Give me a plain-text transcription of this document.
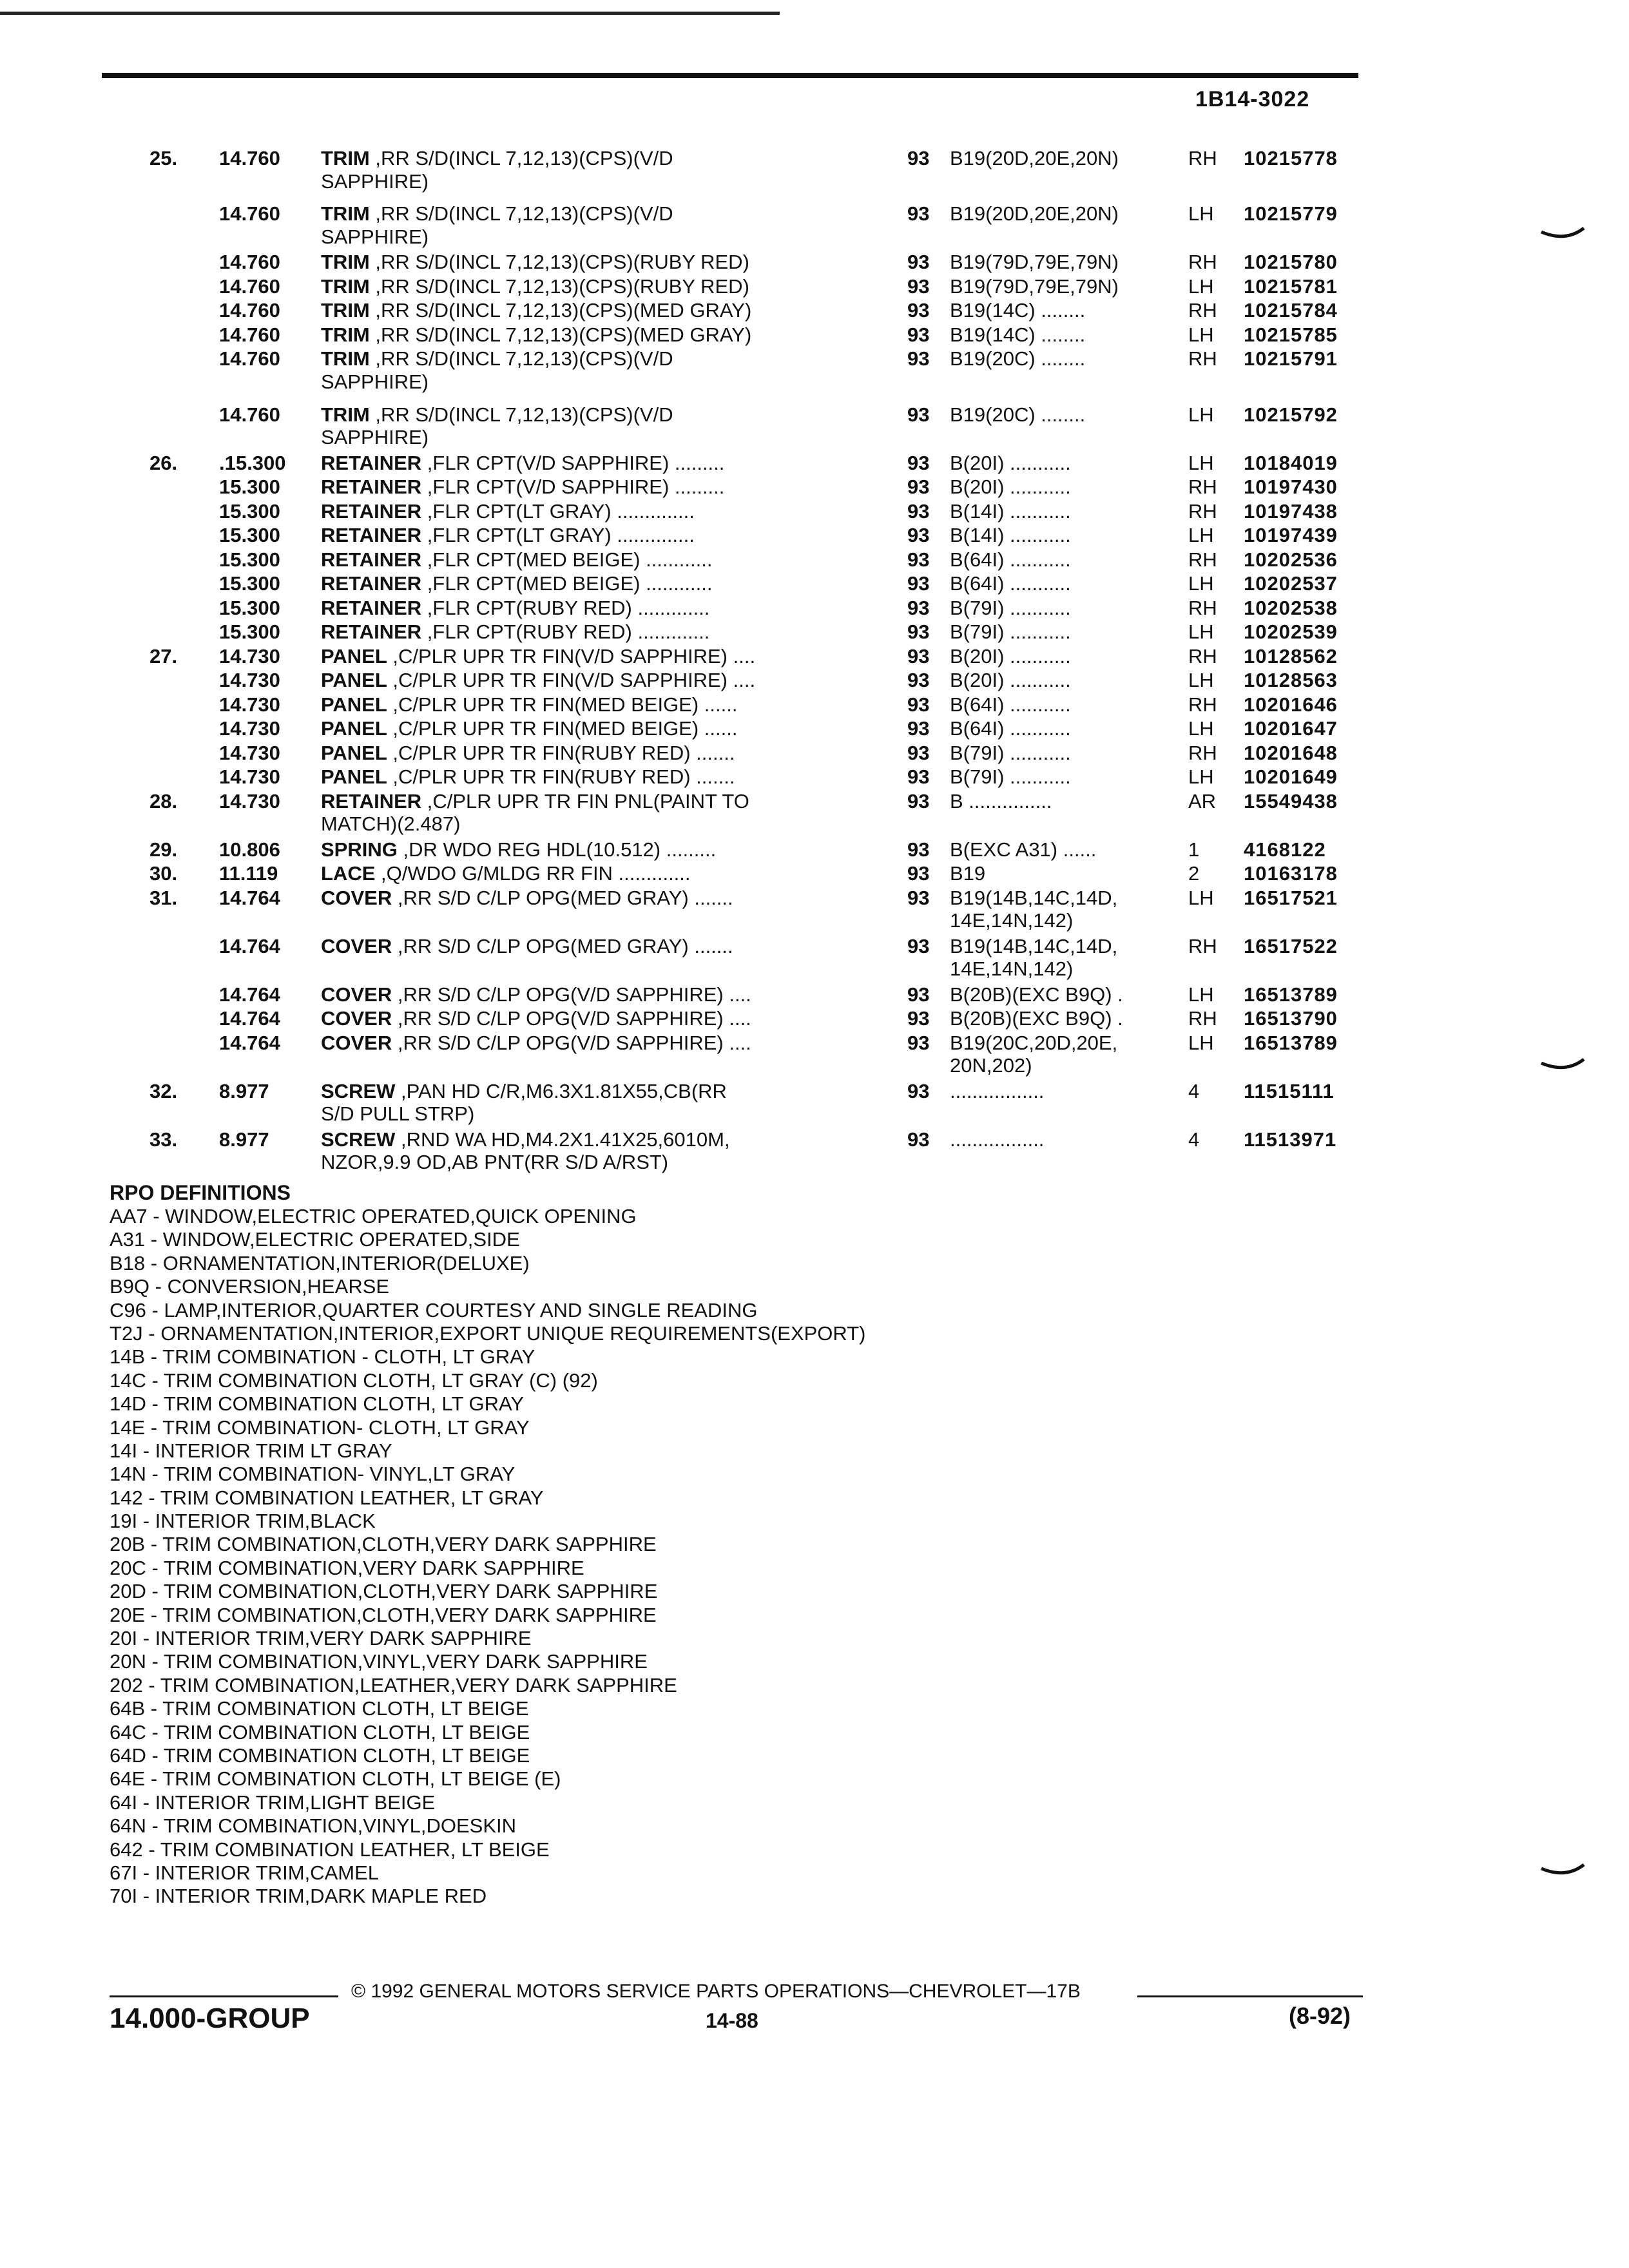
1B14-3022
25. 14.760 TRIM ,RR S/D(INCL 7,12,13)(CPS)(V/D	93 B19(20D,20E,20N)	RH 10215778
SAPPHIRE)
14.760 TRIM ,RR S/D(INCL 7,12,13)(CPS)(V/D	93 B19(20D,20E,20N)	LH 10215779
SAPPHIRE)
14.760 TRIM ,RR S/D(INCL 7,12,13)(CPS)(RUBY RED)	93 B19(79D,79E,79N)	RH 10215780
14.760 TRIM ,RR S/D(INCL 7,12,13)(CPS)(RUBY RED)	93 B19(79D,79E,79N)	LH 10215781
14.760 TRIM ,RR S/D(INCL 7,12,13)(CPS)(MED GRAY)	93 B19(14C) ........	RH 10215784
14.760 TRIM ,RR S/D(INCL 7,12,13)(CPS)(MED GRAY)	93 B19(14C) ........	LH 10215785
14.760 TRIM ,RR S/D(INCL 7,12,13)(CPS)(V/D	93 B19(20C) ........	RH 10215791
SAPPHIRE)
14.760 TRIM ,RR S/D(INCL 7,12,13)(CPS)(V/D	93 B19(20C) ........	LH 10215792
SAPPHIRE)
26. .15.300 RETAINER ,FLR CPT(V/D SAPPHIRE) .........	93 B(20I) ...........	LH 10184019
15.300 RETAINER ,FLR CPT(V/D SAPPHIRE) .........	93 B(20I) ...........	RH 10197430
15.300 RETAINER ,FLR CPT(LT GRAY) ..............	93 B(14I) ...........	RH 10197438
15.300 RETAINER ,FLR CPT(LT GRAY) ..............	93 B(14I) ...........	LH 10197439
15.300 RETAINER ,FLR CPT(MED BEIGE) ............	93 B(64I) ...........	RH 10202536
15.300 RETAINER ,FLR CPT(MED BEIGE) ............	93 B(64I) ...........	LH 10202537
15.300 RETAINER ,FLR CPT(RUBY RED) .............	93 B(79I) ...........	RH 10202538
15.300 RETAINER ,FLR CPT(RUBY RED) .............	93 B(79I) ...........	LH 10202539
27. 14.730 PANEL ,C/PLR UPR TR FIN(V/D SAPPHIRE) ....	93 B(20I) ...........	RH 10128562
14.730 PANEL ,C/PLR UPR TR FIN(V/D SAPPHIRE) ....	93 B(20I) ...........	LH 10128563
14.730 PANEL ,C/PLR UPR TR FIN(MED BEIGE) ......	93 B(64I) ...........	RH 10201646
14.730 PANEL ,C/PLR UPR TR FIN(MED BEIGE) ......	93 B(64I) ...........	LH 10201647
14.730 PANEL ,C/PLR UPR TR FIN(RUBY RED) .......	93 B(79I) ...........	RH 10201648
14.730 PANEL ,C/PLR UPR TR FIN(RUBY RED) .......	93 B(79I) ...........	LH 10201649
28. 14.730 RETAINER ,C/PLR UPR TR FIN PNL(PAINT TO	93 B ...............	AR 15549438
MATCH)(2.487)
29. 10.806 SPRING ,DR WDO REG HDL(10.512) .........	93 B(EXC A31) ......	1 4168122
30. 11.119 LACE ,Q/WDO G/MLDG RR FIN .............	93 B19	2 10163178
31. 14.764 COVER ,RR S/D C/LP OPG(MED GRAY) .......	93 B19(14B,14C,14D,	LH 16517521
14E,14N,142)
14.764 COVER ,RR S/D C/LP OPG(MED GRAY) .......	93 B19(14B,14C,14D,	RH 16517522
14E,14N,142)
14.764 COVER ,RR S/D C/LP OPG(V/D SAPPHIRE) ....	93 B(20B)(EXC B9Q) .	LH 16513789
14.764 COVER ,RR S/D C/LP OPG(V/D SAPPHIRE) ....	93 B(20B)(EXC B9Q) .	RH 16513790
14.764 COVER ,RR S/D C/LP OPG(V/D SAPPHIRE) ....	93 B19(20C,20D,20E,	LH 16513789
20N,202)
32. 8.977	SCREW ,PAN HD C/R,M6.3X1.81X55,CB(RR	93 .................	4 11515111
S/D PULL STRP)
33. 8.977	SCREW ,RND WA HD,M4.2X1.41X25,6010M,	93 .................	4 11513971
NZOR,9.9 OD,AB PNT(RR S/D A/RST)
RPO DEFINITIONS
AA7 - WINDOW,ELECTRIC OPERATED,QUICK OPENING
A31 - WINDOW,ELECTRIC OPERATED,SIDE
B18 - ORNAMENTATION,INTERIOR(DELUXE)
B9Q - CONVERSION,HEARSE
C96 - LAMP,INTERIOR,QUARTER COURTESY AND SINGLE READING
T2J - ORNAMENTATION,INTERIOR,EXPORT UNIQUE REQUIREMENTS(EXPORT)
14B - TRIM COMBINATION - CLOTH, LT GRAY
14C - TRIM COMBINATION CLOTH, LT GRAY (C) (92)
14D - TRIM COMBINATION CLOTH, LT GRAY
14E - TRIM COMBINATION- CLOTH, LT GRAY
14I - INTERIOR TRIM LT GRAY
14N - TRIM COMBINATION- VINYL,LT GRAY
142 - TRIM COMBINATION LEATHER, LT GRAY
19I - INTERIOR TRIM,BLACK
20B - TRIM COMBINATION,CLOTH,VERY DARK SAPPHIRE
20C - TRIM COMBINATION,VERY DARK SAPPHIRE
20D - TRIM COMBINATION,CLOTH,VERY DARK SAPPHIRE
20E - TRIM COMBINATION,CLOTH,VERY DARK SAPPHIRE
20I - INTERIOR TRIM,VERY DARK SAPPHIRE
20N - TRIM COMBINATION,VINYL,VERY DARK SAPPHIRE
202 - TRIM COMBINATION,LEATHER,VERY DARK SAPPHIRE
64B - TRIM COMBINATION CLOTH, LT BEIGE
64C - TRIM COMBINATION CLOTH, LT BEIGE
64D - TRIM COMBINATION CLOTH, LT BEIGE
64E - TRIM COMBINATION CLOTH, LT BEIGE (E)
64I - INTERIOR TRIM,LIGHT BEIGE
64N - TRIM COMBINATION,VINYL,DOESKIN
642 - TRIM COMBINATION LEATHER, LT BEIGE
67I - INTERIOR TRIM,CAMEL
70I - INTERIOR TRIM,DARK MAPLE RED
© 1992 GENERAL MOTORS SERVICE PARTS OPERATIONS—CHEVROLET—17B
14.000-GROUP	14-88	(8-92)
